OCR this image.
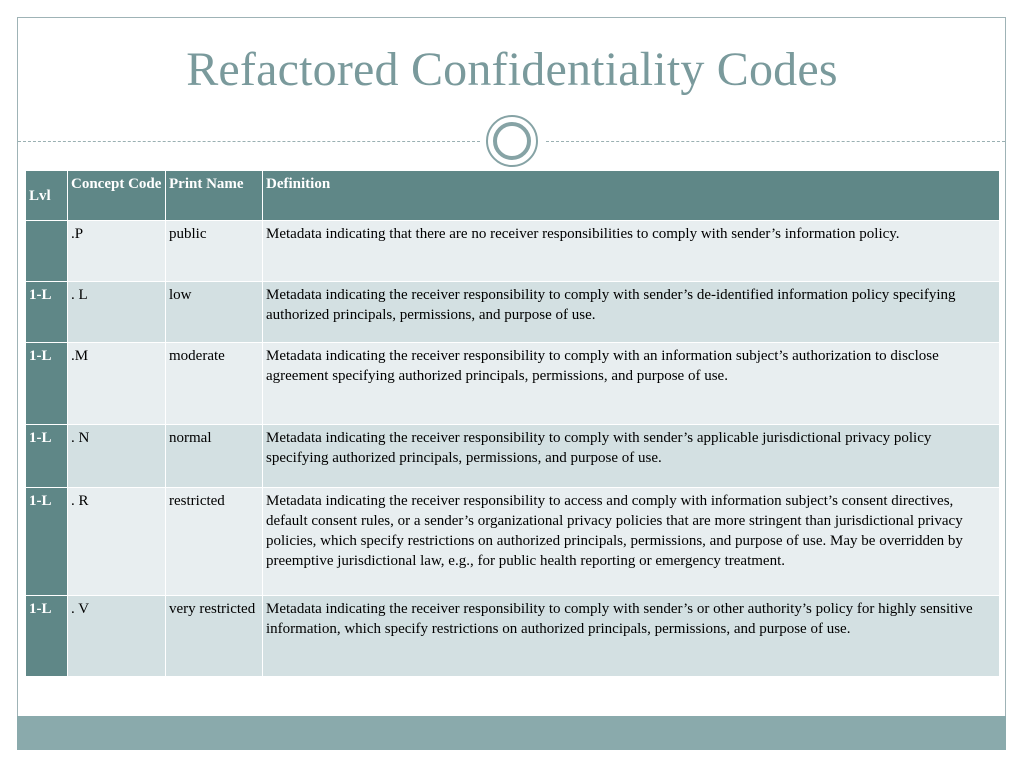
Refactored Confidentiality Codes
Lvl	Concept Code	Print Name	Definition
	.P	public	Metadata indicating that there are no receiver responsibilities to comply with sender’s information policy.
1-L	. L	low	Metadata indicating the receiver responsibility to comply with sender’s de-identified information policy specifying authorized principals, permissions, and purpose of use.
1-L	.M	moderate	Metadata indicating the receiver responsibility to comply with an information subject’s authorization to disclose agreement specifying authorized principals, permissions, and purpose of use.
1-L	. N	normal	Metadata indicating the receiver responsibility to comply with sender’s applicable jurisdictional privacy policy specifying authorized principals, permissions, and purpose of use.
1-L	. R	restricted	Metadata indicating the receiver responsibility to access and comply with information subject’s consent directives, default consent rules, or a sender’s organizational privacy policies that are more stringent than jurisdictional privacy policies, which specify restrictions on authorized principals, permissions, and purpose of use. May be overridden by preemptive jurisdictional law, e.g., for public health reporting or emergency treatment.
1-L	. V	very restricted	Metadata indicating the receiver responsibility to comply with sender’s or other authority’s policy for highly sensitive information, which specify restrictions on authorized principals, permissions, and purpose of use.
